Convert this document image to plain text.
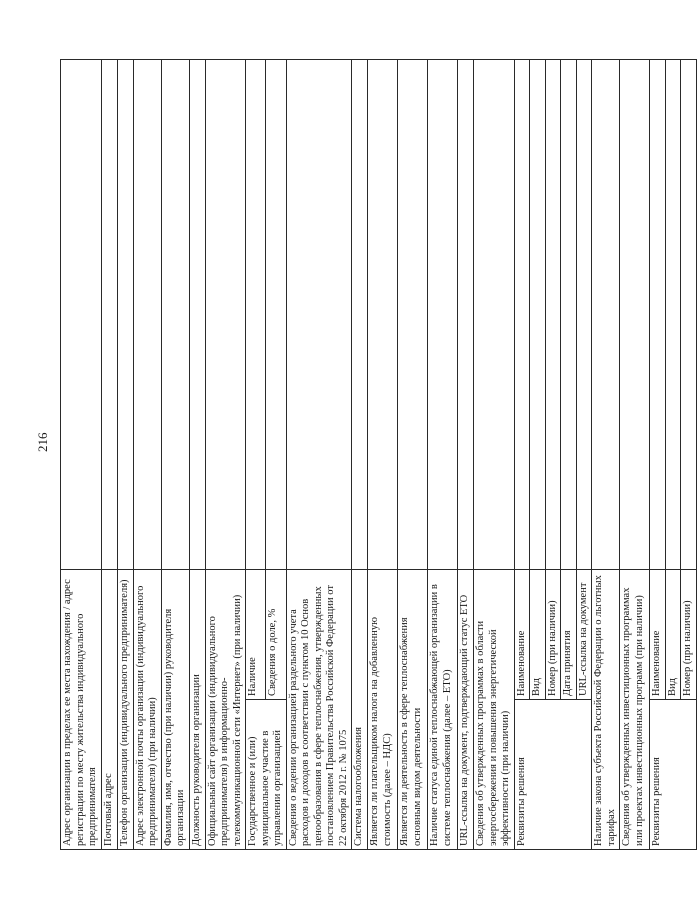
216
Адрес организации в пределах ее места нахождения / адрес регистрации по месту жительства индивидуального предпринимателя		
Почтовый адрес		
Телефон организации (индивидуального предпринимателя)		
Адрес электронной почты организации (индивидуального предпринимателя) (при наличии)		
Фамилия, имя, отчество (при наличии) руководителя организации		
Должность руководителя организации		
Официальный сайт организации (индивидуального предпринимателя) в информационно-телекоммуникационной сети «Интернет» (при наличии)		
Государственное и (или) муниципальное участие в управлении организацией	Наличие	
	Сведения о доле, %	
Сведения о ведении организацией раздельного учета расходов и доходов в соответствии с пунктом 10 Основ ценообразования в сфере теплоснабжения, утвержденных постановлением Правительства Российской Федерации от 22 октября 2012 г. № 1075		
Система налогообложения		
Является ли плательщиком налога на добавленную стоимость (далее – НДС)		
Является ли деятельность в сфере теплоснабжения основным видом деятельности		
Наличие статуса единой теплоснабжающей организации в системе теплоснабжения (далее – ЕТО)		
URL-ссылка на документ, подтверждающий статус ЕТО		
Сведения об утвержденных программах в области энергосбережения и повышения энергетической эффективности (при наличии)		
Реквизиты решения	Наименование	
	Вид	
	Номер (при наличии)	
	Дата принятия	
	URL-ссылка на документ	
Наличие закона субъекта Российской Федерации о льготных тарифах		
Сведения об утвержденных инвестиционных программах или проектах инвестиционных программ (при наличии)		
Реквизиты решения	Наименование	
	Вид	
	Номер (при наличии)	
